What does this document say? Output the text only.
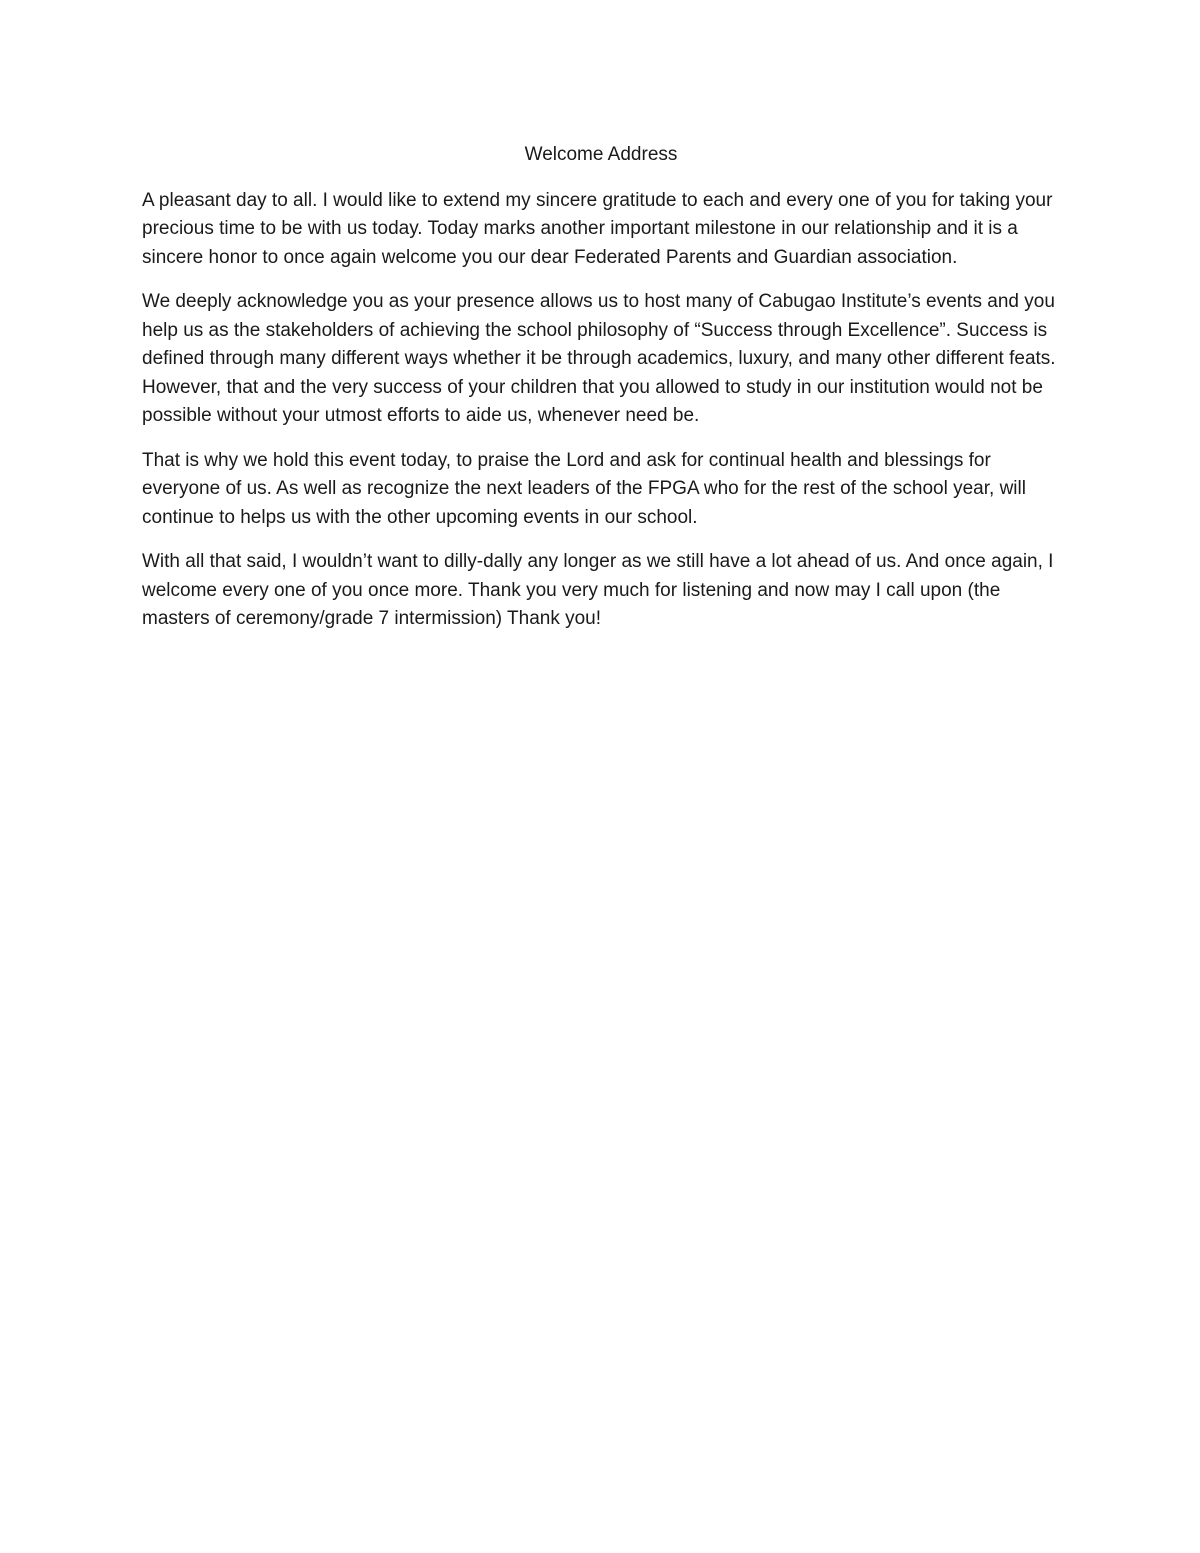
Welcome Address

A pleasant day to all. I would like to extend my sincere gratitude to each and every one of you for taking your precious time to be with us today. Today marks another important milestone in our relationship and it is a sincere honor to once again welcome you our dear Federated Parents and Guardian association.

We deeply acknowledge you as your presence allows us to host many of Cabugao Institute’s events and you help us as the stakeholders of achieving the school philosophy of “Success through Excellence”. Success is defined through many different ways whether it be through academics, luxury, and many other different feats. However, that and the very success of your children that you allowed to study in our institution would not be possible without your utmost efforts to aide us, whenever need be.

That is why we hold this event today, to praise the Lord and ask for continual health and blessings for everyone of us. As well as recognize the next leaders of the FPGA who for the rest of the school year, will continue to helps us with the other upcoming events in our school.

With all that said, I wouldn’t want to dilly-dally any longer as we still have a lot ahead of us. And once again, I welcome every one of you once more. Thank you very much for listening and now may I call upon (the masters of ceremony/grade 7 intermission) Thank you!
